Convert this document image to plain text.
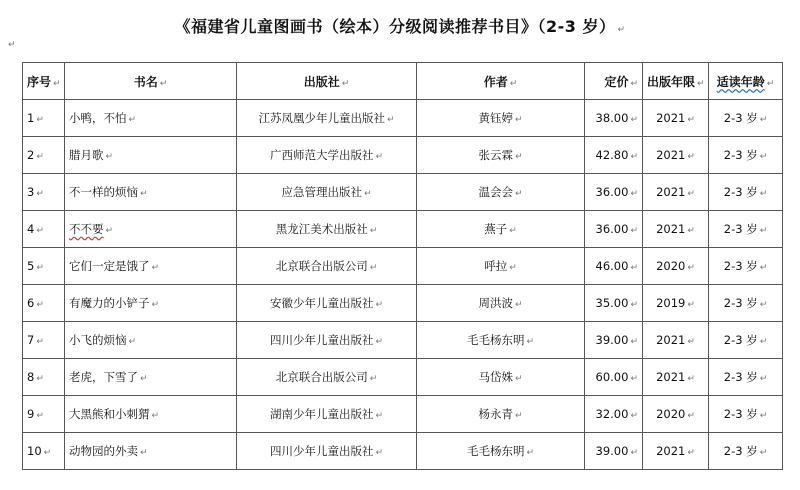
《福建省儿童图画书（绘本）分级阅读推荐书目》（2-3 岁） ↵
↵
序号 ↵	书名 ↵	出版社 ↵	作者 ↵	定价 ↵	出版年限 ↵	适读年龄 ↵
1 ↵	小鸭，不怕 ↵	江苏凤凰少年儿童出版社 ↵	黄钰婷 ↵	38.00 ↵	2021 ↵	2-3 岁 ↵
2 ↵	腊月歌 ↵	广西师范大学出版社 ↵	张云霖 ↵	42.80 ↵	2021 ↵	2-3 岁 ↵
3 ↵	不一样的烦恼 ↵	应急管理出版社 ↵	温会会 ↵	36.00 ↵	2021 ↵	2-3 岁 ↵
4 ↵	不不要 ↵	黑龙江美术出版社 ↵	燕子 ↵	36.00 ↵	2021 ↵	2-3 岁 ↵
5 ↵	它们一定是饿了 ↵	北京联合出版公司 ↵	呼拉 ↵	46.00 ↵	2020 ↵	2-3 岁 ↵
6 ↵	有魔力的小铲子 ↵	安徽少年儿童出版社 ↵	周洪波 ↵	35.00 ↵	2019 ↵	2-3 岁 ↵
7 ↵	小飞的烦恼 ↵	四川少年儿童出版社 ↵	毛毛杨东明 ↵	39.00 ↵	2021 ↵	2-3 岁 ↵
8 ↵	老虎，下雪了 ↵	北京联合出版公司 ↵	马岱姝 ↵	60.00 ↵	2021 ↵	2-3 岁 ↵
9 ↵	大黑熊和小刺猬 ↵	湖南少年儿童出版社 ↵	杨永青 ↵	32.00 ↵	2020 ↵	2-3 岁 ↵
10 ↵	动物园的外卖 ↵	四川少年儿童出版社 ↵	毛毛杨东明 ↵	39.00 ↵	2021 ↵	2-3 岁 ↵
